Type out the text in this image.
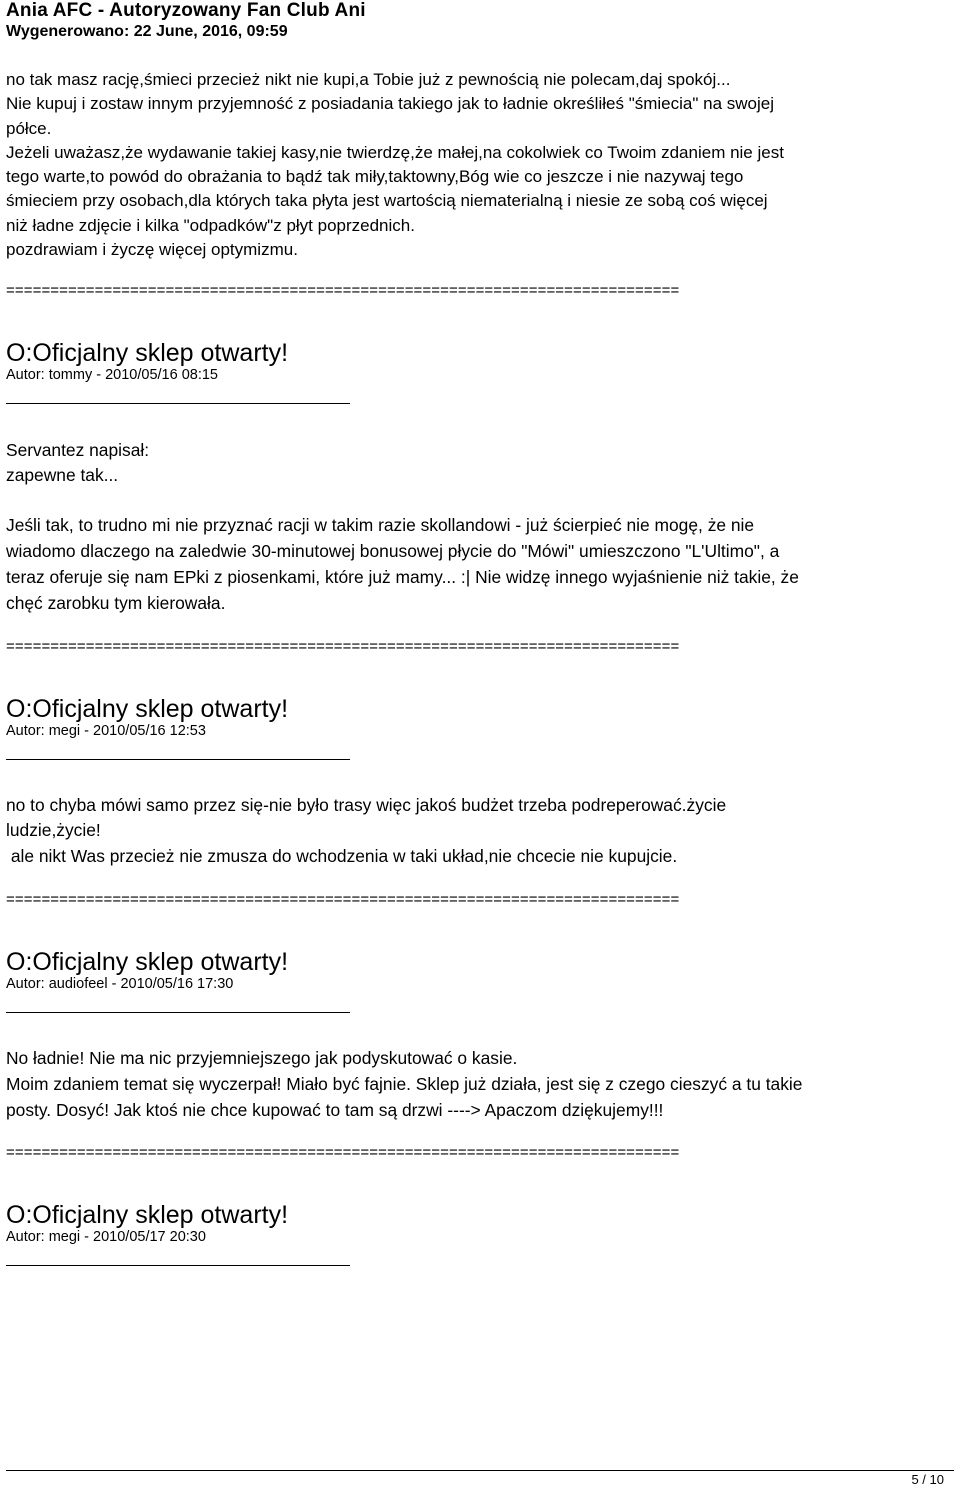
Ania AFC - Autoryzowany Fan Club Ani
Wygenerowano: 22 June, 2016, 09:59
no tak masz rację,śmieci przecież nikt nie kupi,a Tobie już z pewnością nie polecam,daj spokój...
Nie kupuj i zostaw innym przyjemność z posiadania takiego jak to ładnie określiłeś "śmiecia" na swojej
półce.
Jeżeli uważasz,że wydawanie takiej kasy,nie twierdzę,że małej,na cokolwiek co Twoim zdaniem nie jest
tego warte,to powód do obrażania to bądź tak miły,taktowny,Bóg wie co jeszcze i nie nazywaj tego
śmieciem przy osobach,dla których taka płyta jest wartością niematerialną i niesie ze sobą coś więcej
niż ładne zdjęcie i kilka "odpadków"z płyt poprzednich.
pozdrawiam i życzę więcej optymizmu.
============================================================================
O:Oficjalny sklep otwarty!
Autor: tommy - 2010/05/16 08:15
Servantez napisał:
zapewne tak...
Jeśli tak, to trudno mi nie przyznać racji w takim razie skollandowi - już ścierpieć nie mogę, że nie
wiadomo dlaczego na zaledwie 30-minutowej bonusowej płycie do "Mówi" umieszczono "L'Ultimo", a
teraz oferuje się nam EPki z piosenkami, które już mamy... :| Nie widzę innego wyjaśnienie niż takie, że
chęć zarobku tym kierowała.
============================================================================
O:Oficjalny sklep otwarty!
Autor: megi - 2010/05/16 12:53
no to chyba mówi samo przez się-nie było trasy więc jakoś budżet trzeba podreperować.życie
ludzie,życie!
ale nikt Was przecież nie zmusza do wchodzenia w taki układ,nie chcecie nie kupujcie.
============================================================================
O:Oficjalny sklep otwarty!
Autor: audiofeel - 2010/05/16 17:30
No ładnie! Nie ma nic przyjemniejszego jak podyskutować o kasie.
Moim zdaniem temat się wyczerpał! Miało być fajnie. Sklep już działa, jest się z czego cieszyć a tu takie
posty. Dosyć! Jak ktoś nie chce kupować to tam są drzwi ----> Apaczom dziękujemy!!!
============================================================================
O:Oficjalny sklep otwarty!
Autor: megi - 2010/05/17 20:30
5 / 10
